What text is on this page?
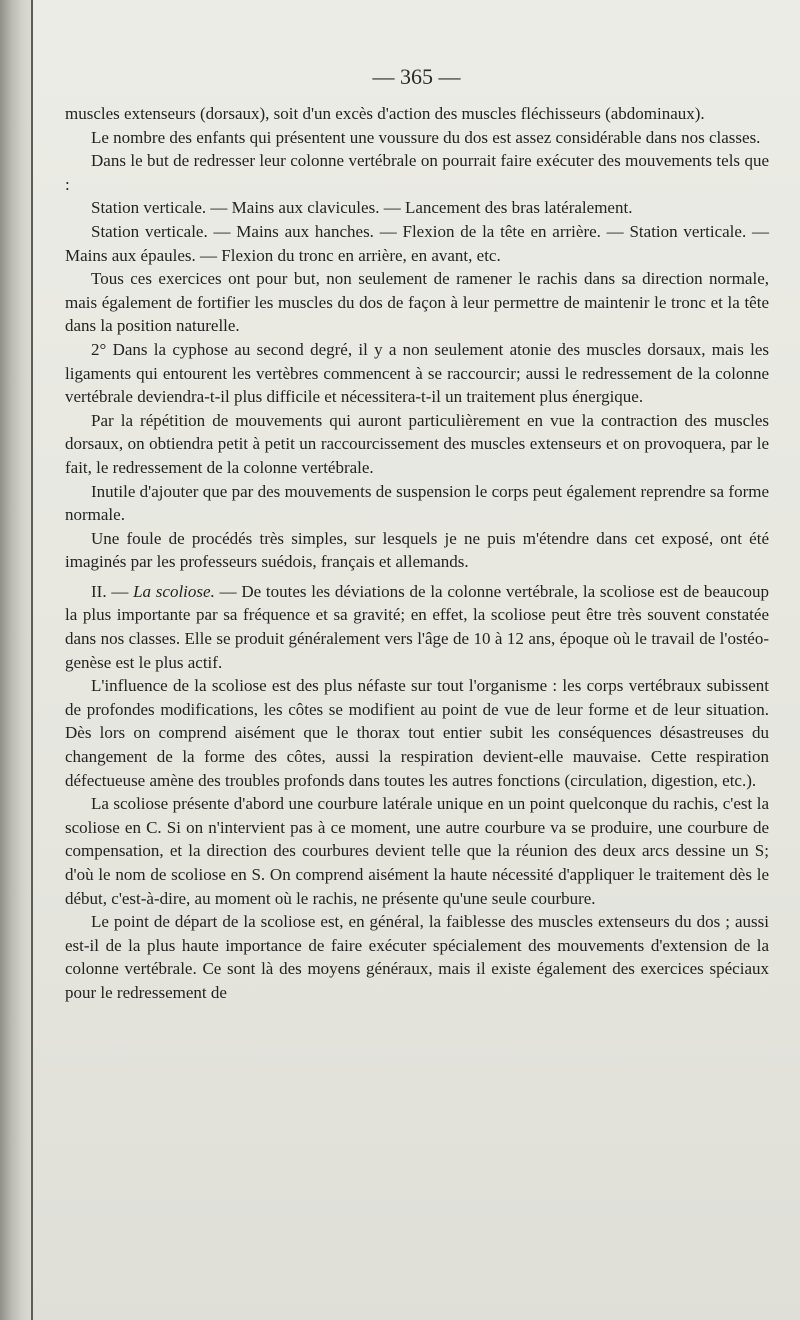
— 365 —

muscles extenseurs (dorsaux), soit d'un excès d'action des muscles fléchisseurs (abdominaux).

Le nombre des enfants qui présentent une voussure du dos est assez considérable dans nos classes.

Dans le but de redresser leur colonne vertébrale on pourrait faire exécuter des mouvements tels que :

Station verticale. — Mains aux clavicules. — Lancement des bras latéralement.

Station verticale. — Mains aux hanches. — Flexion de la tête en arrière. — Station verticale. — Mains aux épaules. — Flexion du tronc en arrière, en avant, etc.

Tous ces exercices ont pour but, non seulement de ramener le rachis dans sa direction normale, mais également de fortifier les muscles du dos de façon à leur permettre de maintenir le tronc et la tête dans la position naturelle.

2° Dans la cyphose au second degré, il y a non seulement atonie des muscles dorsaux, mais les ligaments qui entourent les vertèbres commencent à se raccourcir; aussi le redressement de la colonne vertébrale deviendra-t-il plus difficile et nécessitera-t-il un traitement plus énergique.

Par la répétition de mouvements qui auront particulièrement en vue la contraction des muscles dorsaux, on obtiendra petit à petit un raccourcissement des muscles extenseurs et on provoquera, par le fait, le redressement de la colonne vertébrale.

Inutile d'ajouter que par des mouvements de suspension le corps peut également reprendre sa forme normale.

Une foule de procédés très simples, sur lesquels je ne puis m'étendre dans cet exposé, ont été imaginés par les professeurs suédois, français et allemands.

II. — La scoliose. — De toutes les déviations de la colonne vertébrale, la scoliose est de beaucoup la plus importante par sa fréquence et sa gravité; en effet, la scoliose peut être très souvent constatée dans nos classes. Elle se produit généralement vers l'âge de 10 à 12 ans, époque où le travail de l'ostéo-genèse est le plus actif.

L'influence de la scoliose est des plus néfaste sur tout l'organisme : les corps vertébraux subissent de profondes modifications, les côtes se modifient au point de vue de leur forme et de leur situation. Dès lors on comprend aisément que le thorax tout entier subit les conséquences désastreuses du changement de la forme des côtes, aussi la respiration devient-elle mauvaise. Cette respiration défectueuse amène des troubles profonds dans toutes les autres fonctions (circulation, digestion, etc.).

La scoliose présente d'abord une courbure latérale unique en un point quelconque du rachis, c'est la scoliose en C. Si on n'intervient pas à ce moment, une autre courbure va se produire, une courbure de compensation, et la direction des courbures devient telle que la réunion des deux arcs dessine un S; d'où le nom de scoliose en S. On comprend aisément la haute nécessité d'appliquer le traitement dès le début, c'est-à-dire, au moment où le rachis, ne présente qu'une seule courbure.

Le point de départ de la scoliose est, en général, la faiblesse des muscles extenseurs du dos ; aussi est-il de la plus haute importance de faire exécuter spécialement des mouvements d'extension de la colonne vertébrale. Ce sont là des moyens généraux, mais il existe également des exercices spéciaux pour le redressement de
